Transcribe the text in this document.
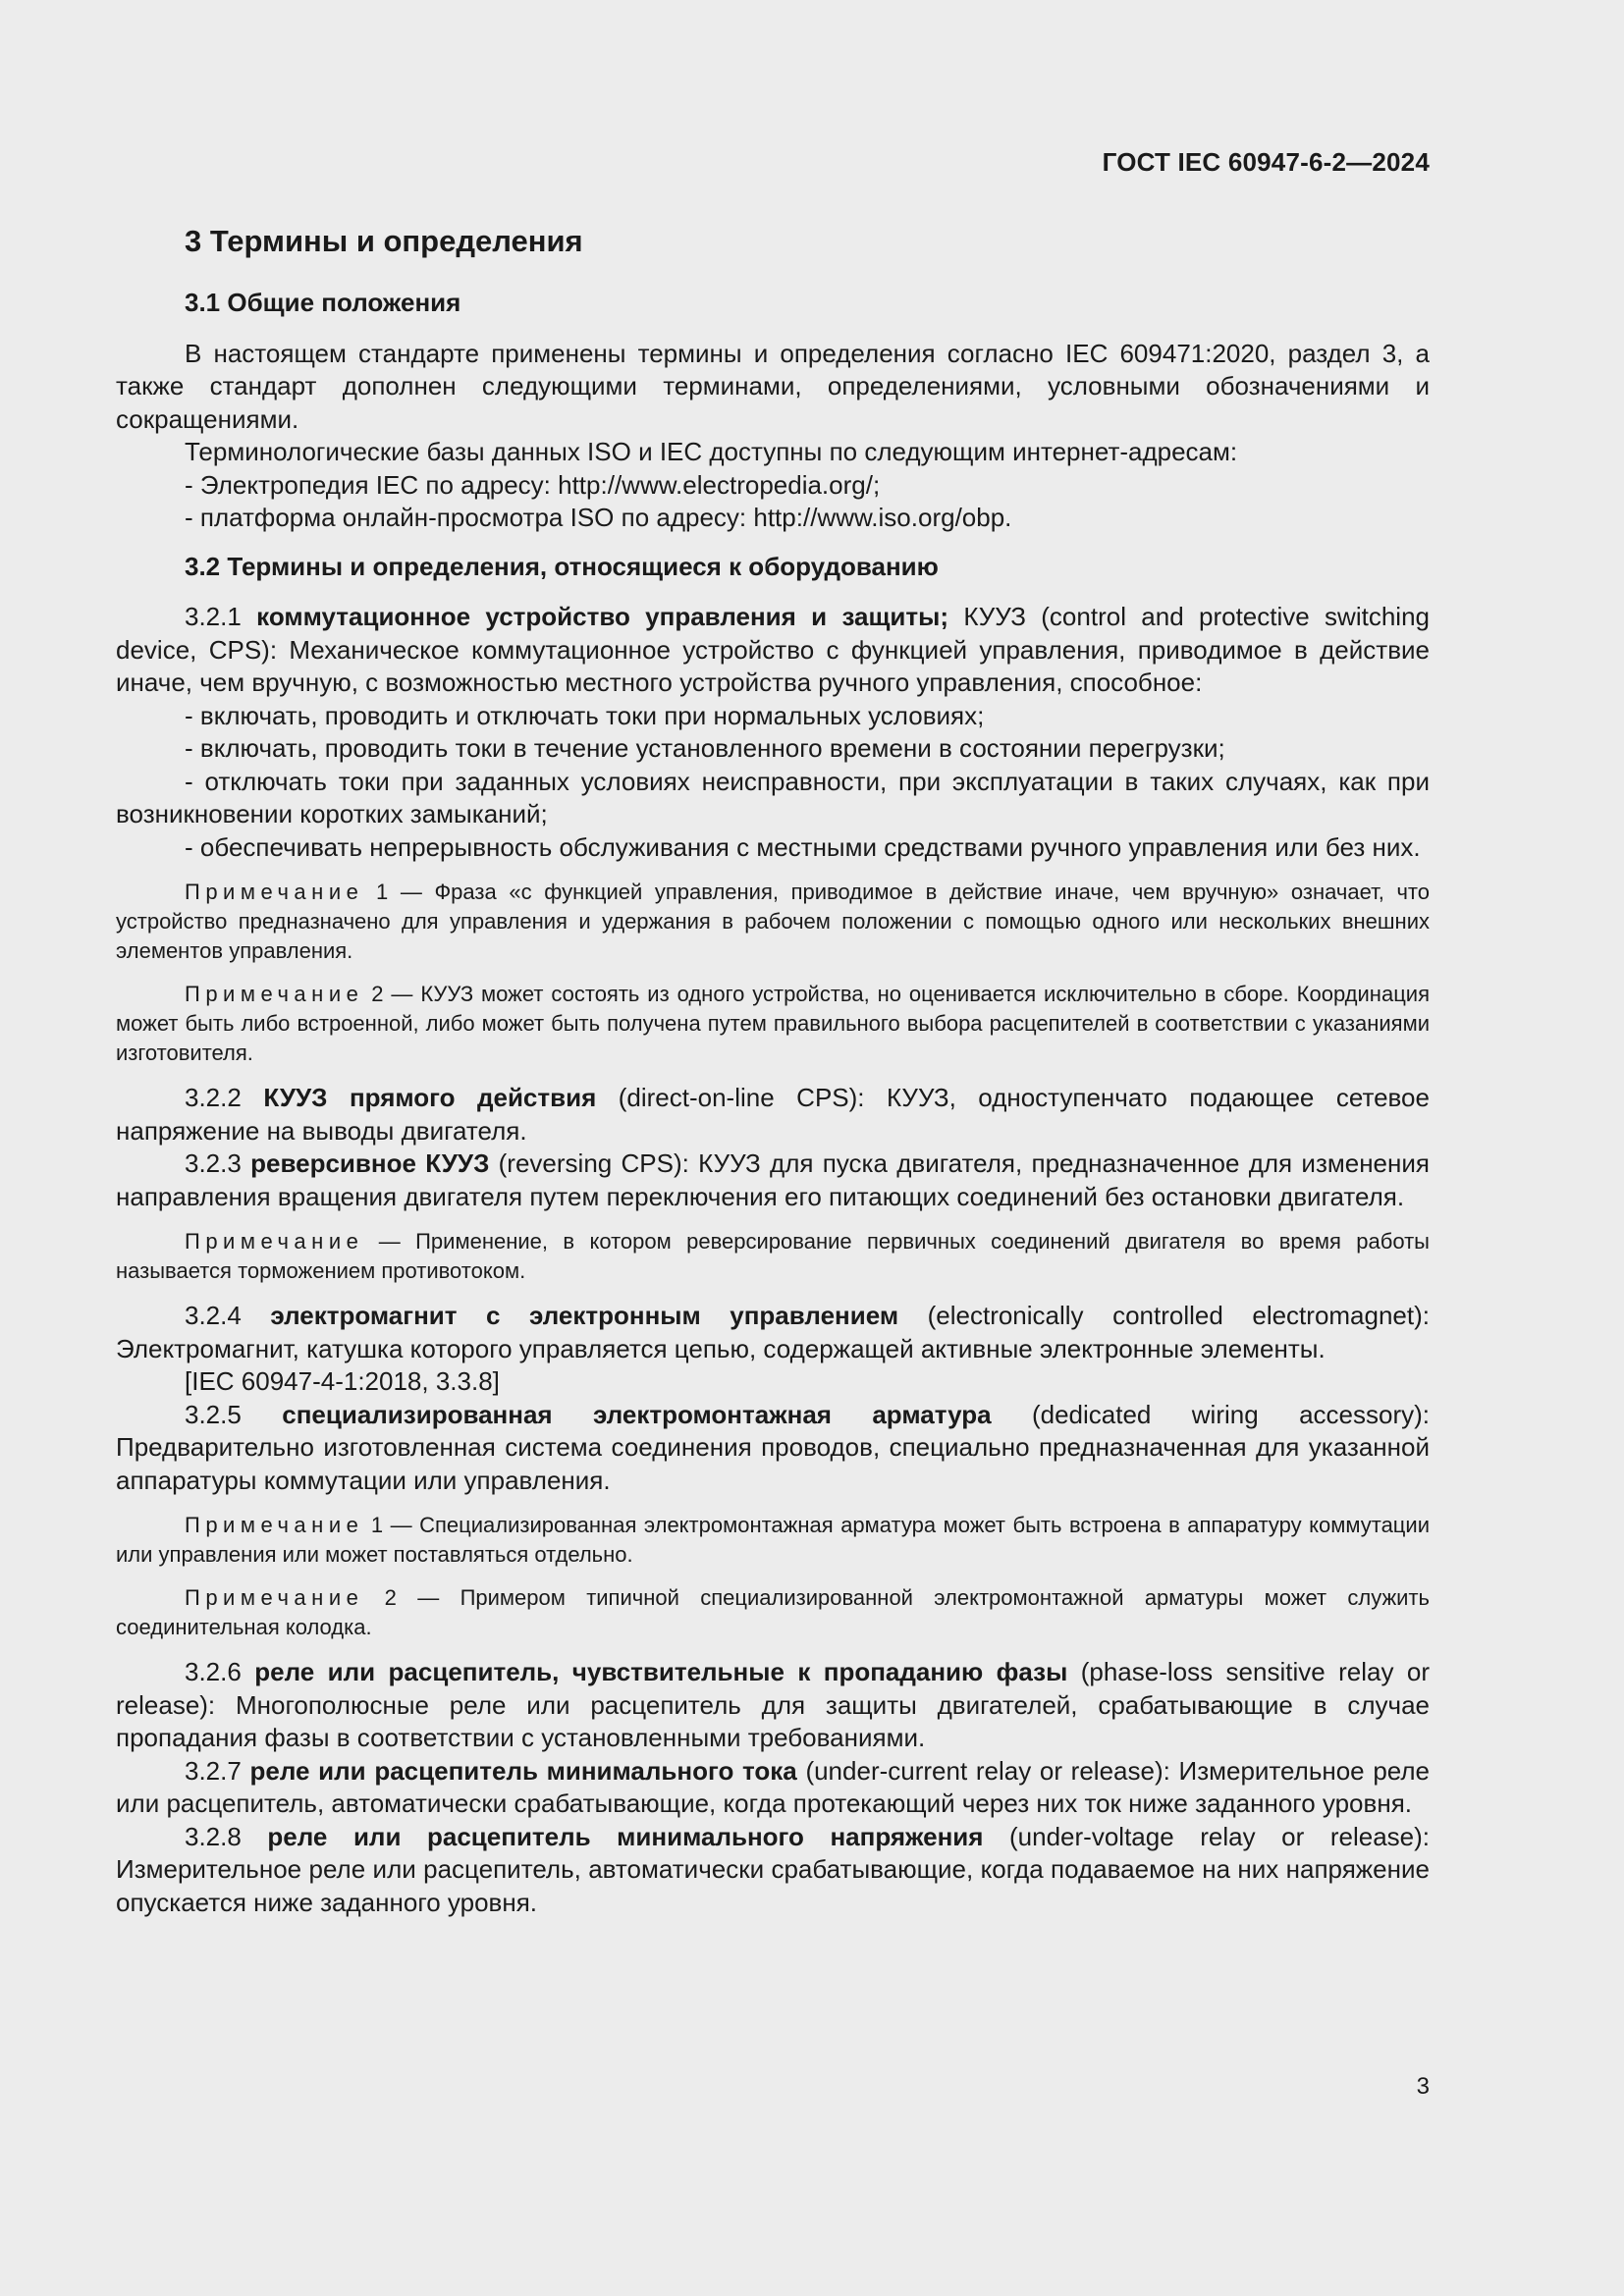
ГОСТ IEC 60947-6-2—2024
3 Термины и определения
3.1 Общие положения

В настоящем стандарте применены термины и определения согласно IEC 609471:2020, раздел 3, а также стандарт дополнен следующими терминами, определениями, условными обозначениями и сокращениями.

Терминологические базы данных ISO и IEC доступны по следующим интернет-адресам:

- Электропедия IEC по адресу: http://www.electropedia.org/;

- платформа онлайн-просмотра ISO по адресу: http://www.iso.org/obp.

3.2 Термины и определения, относящиеся к оборудованию

3.2.1 коммутационное устройство управления и защиты; КУУЗ (control and protective switching device, CPS): Механическое коммутационное устройство с функцией управления, приводимое в действие иначе, чем вручную, с возможностью местного устройства ручного управления, способное:

- включать, проводить и отключать токи при нормальных условиях;

- включать, проводить токи в течение установленного времени в состоянии перегрузки;

- отключать токи при заданных условиях неисправности, при эксплуатации в таких случаях, как при возникновении коротких замыканий;

- обеспечивать непрерывность обслуживания с местными средствами ручного управления или без них.

Примечание 1 — Фраза «с функцией управления, приводимое в действие иначе, чем вручную» означает, что устройство предназначено для управления и удержания в рабочем положении с помощью одного или нескольких внешних элементов управления.

Примечание 2 — КУУЗ может состоять из одного устройства, но оценивается исключительно в сборе. Координация может быть либо встроенной, либо может быть получена путем правильного выбора расцепителей в соответствии с указаниями изготовителя.

3.2.2 КУУЗ прямого действия (direct-on-line CPS): КУУЗ, одноступенчато подающее сетевое напряжение на выводы двигателя.

3.2.3 реверсивное КУУЗ (reversing CPS): КУУЗ для пуска двигателя, предназначенное для изменения направления вращения двигателя путем переключения его питающих соединений без остановки двигателя.

Примечание — Применение, в котором реверсирование первичных соединений двигателя во время работы называется торможением противотоком.

3.2.4 электромагнит с электронным управлением (electronically controlled electromagnet): Электромагнит, катушка которого управляется цепью, содержащей активные электронные элементы.

[IEC 60947-4-1:2018, 3.3.8]

3.2.5 специализированная электромонтажная арматура (dedicated wiring accessory): Предварительно изготовленная система соединения проводов, специально предназначенная для указанной аппаратуры коммутации или управления.

Примечание 1 — Специализированная электромонтажная арматура может быть встроена в аппаратуру коммутации или управления или может поставляться отдельно.

Примечание 2 — Примером типичной специализированной электромонтажной арматуры может служить соединительная колодка.

3.2.6 реле или расцепитель, чувствительные к пропаданию фазы (phase-loss sensitive relay or release): Многополюсные реле или расцепитель для защиты двигателей, срабатывающие в случае пропадания фазы в соответствии с установленными требованиями.

3.2.7 реле или расцепитель минимального тока (under-current relay or release): Измерительное реле или расцепитель, автоматически срабатывающие, когда протекающий через них ток ниже заданного уровня.

3.2.8 реле или расцепитель минимального напряжения (under-voltage relay or release): Измерительное реле или расцепитель, автоматически срабатывающие, когда подаваемое на них напряжение опускается ниже заданного уровня.

3
